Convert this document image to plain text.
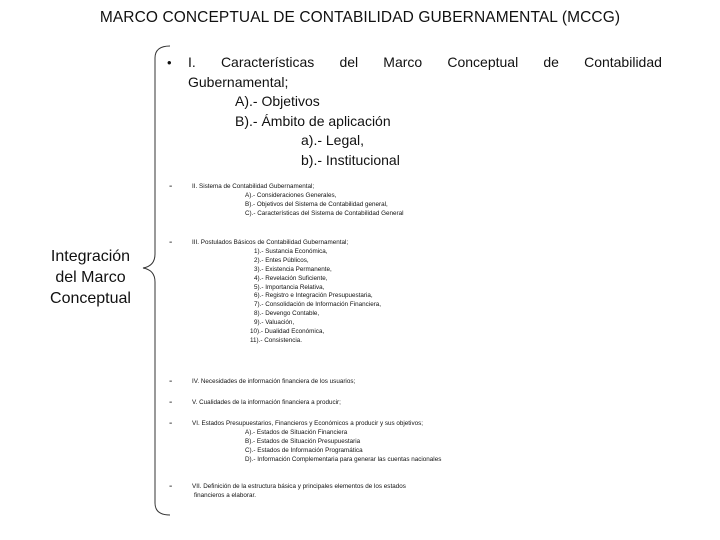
MARCO CONCEPTUAL DE CONTABILIDAD GUBERNAMENTAL (MCCG)
Integración
del Marco
Conceptual
• I. Características del Marco Conceptual de Contabilidad
Gubernamental;
A).- Objetivos
B).- Ámbito de aplicación
a).- Legal,
b).- Institucional
-	II. Sistema de Contabilidad Gubernamental;
A).- Consideraciones Generales,
B).- Objetivos del Sistema de Contabilidad general,
C).- Características del Sistema de Contabilidad General
-	III. Postulados Básicos de Contabilidad Gubernamental;
1).- Sustancia Económica,
2).- Entes Públicos,
3).- Existencia Permanente,
4).- Revelación Suficiente,
5).- Importancia Relativa,
6).- Registro e Integración Presupuestaria,
7).- Consolidación de Información Financiera,
8).- Devengo Contable,
9).- Valuación,
10).- Dualidad Económica,
11).- Consistencia.
-	IV. Necesidades de información financiera de los usuarios;
-	V. Cualidades de la información financiera a producir;
-	VI. Estados Presupuestarios, Financieros y Económicos a producir y sus objetivos;
A).- Estados de Situación Financiera
B).- Estados de Situación Presupuestaria
C).- Estados de Información Programática
D).- Información Complementaria para generar las cuentas nacionales
-	VII. Definición de la estructura básica y principales elementos de los estados
financieros a elaborar.
